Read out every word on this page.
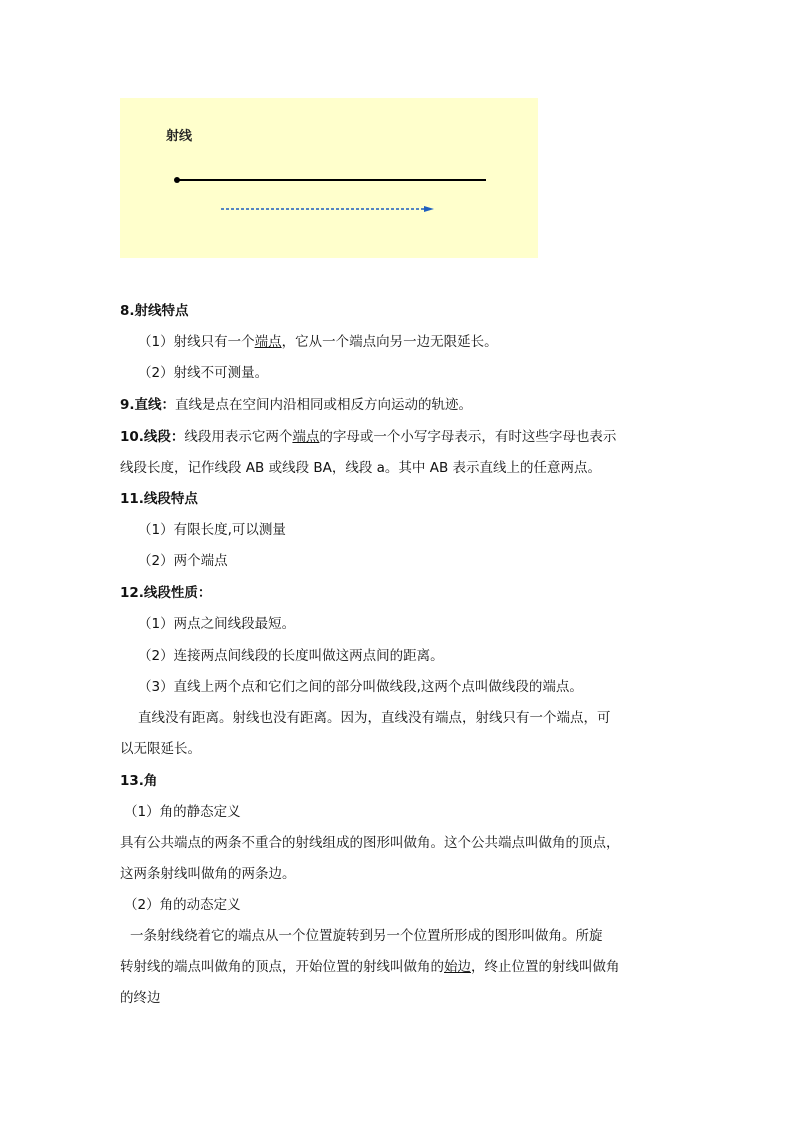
射线
8.射线特点
（1）射线只有一个端点，它从一个端点向另一边无限延长。
（2）射线不可测量。
9.直线：直线是点在空间内沿相同或相反方向运动的轨迹。
10.线段：线段用表示它两个端点的字母或一个小写字母表示，有时这些字母也表示
线段长度，记作线段 AB 或线段 BA，线段 a。其中 AB 表示直线上的任意两点。
11.线段特点
（1）有限长度,可以测量
（2）两个端点
12.线段性质：
（1）两点之间线段最短。
（2）连接两点间线段的长度叫做这两点间的距离。
（3）直线上两个点和它们之间的部分叫做线段,这两个点叫做线段的端点。
直线没有距离。射线也没有距离。因为，直线没有端点，射线只有一个端点，可
以无限延长。
13.角
（1）角的静态定义
具有公共端点的两条不重合的射线组成的图形叫做角。这个公共端点叫做角的顶点，
这两条射线叫做角的两条边。
（2）角的动态定义
一条射线绕着它的端点从一个位置旋转到另一个位置所形成的图形叫做角。所旋
转射线的端点叫做角的顶点，开始位置的射线叫做角的始边，终止位置的射线叫做角
的终边
